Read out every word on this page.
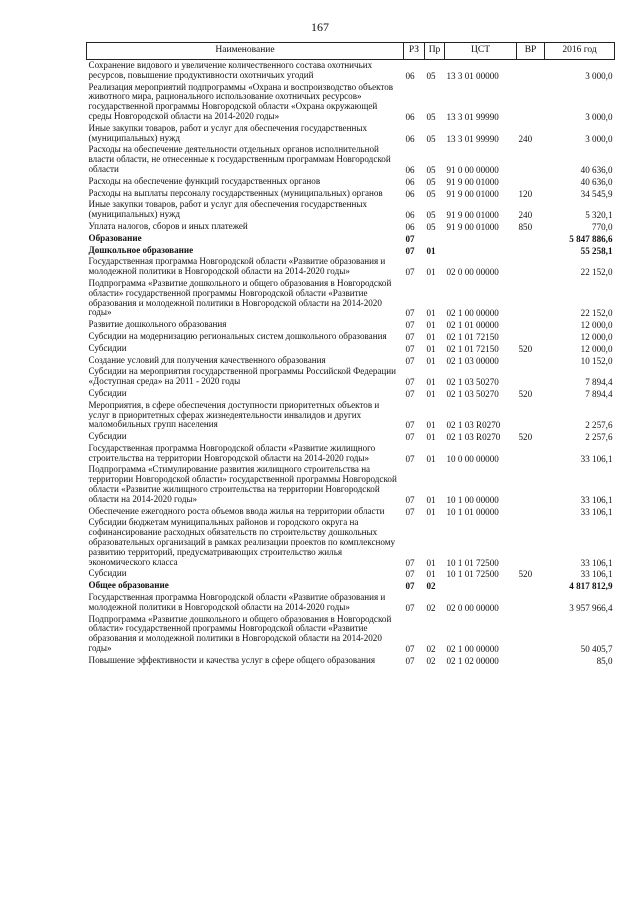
167
Наименование	РЗ	Пр	ЦСТ	ВР	2016 год
Сохранение видового и увеличение количественного состава охотничьих ресурсов, повышение продуктивности охотничьих угодий	06	05	13 3 01 00000		3 000,0
Реализация мероприятий подпрограммы «Охрана и воспроизводство объектов животного мира, рационального использование охотничьих ресурсов» государственной программы Новгородской области «Охрана окружающей среды Новгородской области на 2014-2020 годы»	06	05	13 3 01 99990		3 000,0
Иные закупки товаров, работ и услуг для обеспечения государственных (муниципальных) нужд	06	05	13 3 01 99990	240	3 000,0
Расходы на обеспечение деятельности отдельных органов исполнительной власти области, не отнесенные к государственным программам Новгородской области	06	05	91 0 00 00000		40 636,0
Расходы на обеспечение функций государственных органов	06	05	91 9 00 01000		40 636,0
Расходы на выплаты персоналу государственных (муниципальных) органов	06	05	91 9 00 01000	120	34 545,9
Иные закупки товаров, работ и услуг для обеспечения государственных (муниципальных) нужд	06	05	91 9 00 01000	240	5 320,1
Уплата налогов, сборов и иных платежей	06	05	91 9 00 01000	850	770,0
Образование	07				5 847 886,6
Дошкольное образование	07	01			55 258,1
Государственная программа Новгородской области «Развитие образования и молодежной политики в Новгородской области на 2014-2020 годы»	07	01	02 0 00 00000		22 152,0
Подпрограмма «Развитие дошкольного и общего образования в Новгородской области» государственной программы Новгородской области «Развитие образования и молодежной политики в Новгородской области на 2014-2020 годы»	07	01	02 1 00 00000		22 152,0
Развитие дошкольного образования	07	01	02 1 01 00000		12 000,0
Субсидии на модернизацию региональных систем дошкольного образования	07	01	02 1 01 72150		12 000,0
Субсидии	07	01	02 1 01 72150	520	12 000,0
Создание условий для получения качественного образования	07	01	02 1 03 00000		10 152,0
Субсидии на мероприятия государственной программы Российской Федерации «Доступная среда» на 2011 - 2020 годы	07	01	02 1 03 50270		7 894,4
Субсидии	07	01	02 1 03 50270	520	7 894,4
Мероприятия, в сфере обеспечения доступности приоритетных объектов и услуг в приоритетных сферах жизнедеятельности инвалидов и других маломобильных групп населения	07	01	02 1 03 R0270		2 257,6
Субсидии	07	01	02 1 03 R0270	520	2 257,6
Государственная программа Новгородской области «Развитие жилищного строительства на территории Новгородской области на 2014-2020 годы»	07	01	10 0 00 00000		33 106,1
Подпрограмма «Стимулирование развития жилищного строительства на территории Новгородской области» государственной программы Новгородской области «Развитие жилищного строительства на территории Новгородской области на 2014-2020 годы»	07	01	10 1 00 00000		33 106,1
Обеспечение ежегодного роста объемов ввода жилья на территории области	07	01	10 1 01 00000		33 106,1
Субсидии бюджетам муниципальных районов и городского округа на софинансирование расходных обязательств по строительству дошкольных образовательных организаций в рамках реализации проектов по комплексному развитию территорий, предусматривающих строительство жилья экономического класса	07	01	10 1 01 72500		33 106,1
Субсидии	07	01	10 1 01 72500	520	33 106,1
Общее образование	07	02			4 817 812,9
Государственная программа Новгородской области «Развитие образования и молодежной политики в Новгородской области на 2014-2020 годы»	07	02	02 0 00 00000		3 957 966,4
Подпрограмма «Развитие дошкольного и общего образования в Новгородской области» государственной программы Новгородской области «Развитие образования и молодежной политики в Новгородской области на 2014-2020 годы»	07	02	02 1 00 00000		50 405,7
Повышение эффективности и качества услуг в сфере общего образования	07	02	02 1 02 00000		85,0
